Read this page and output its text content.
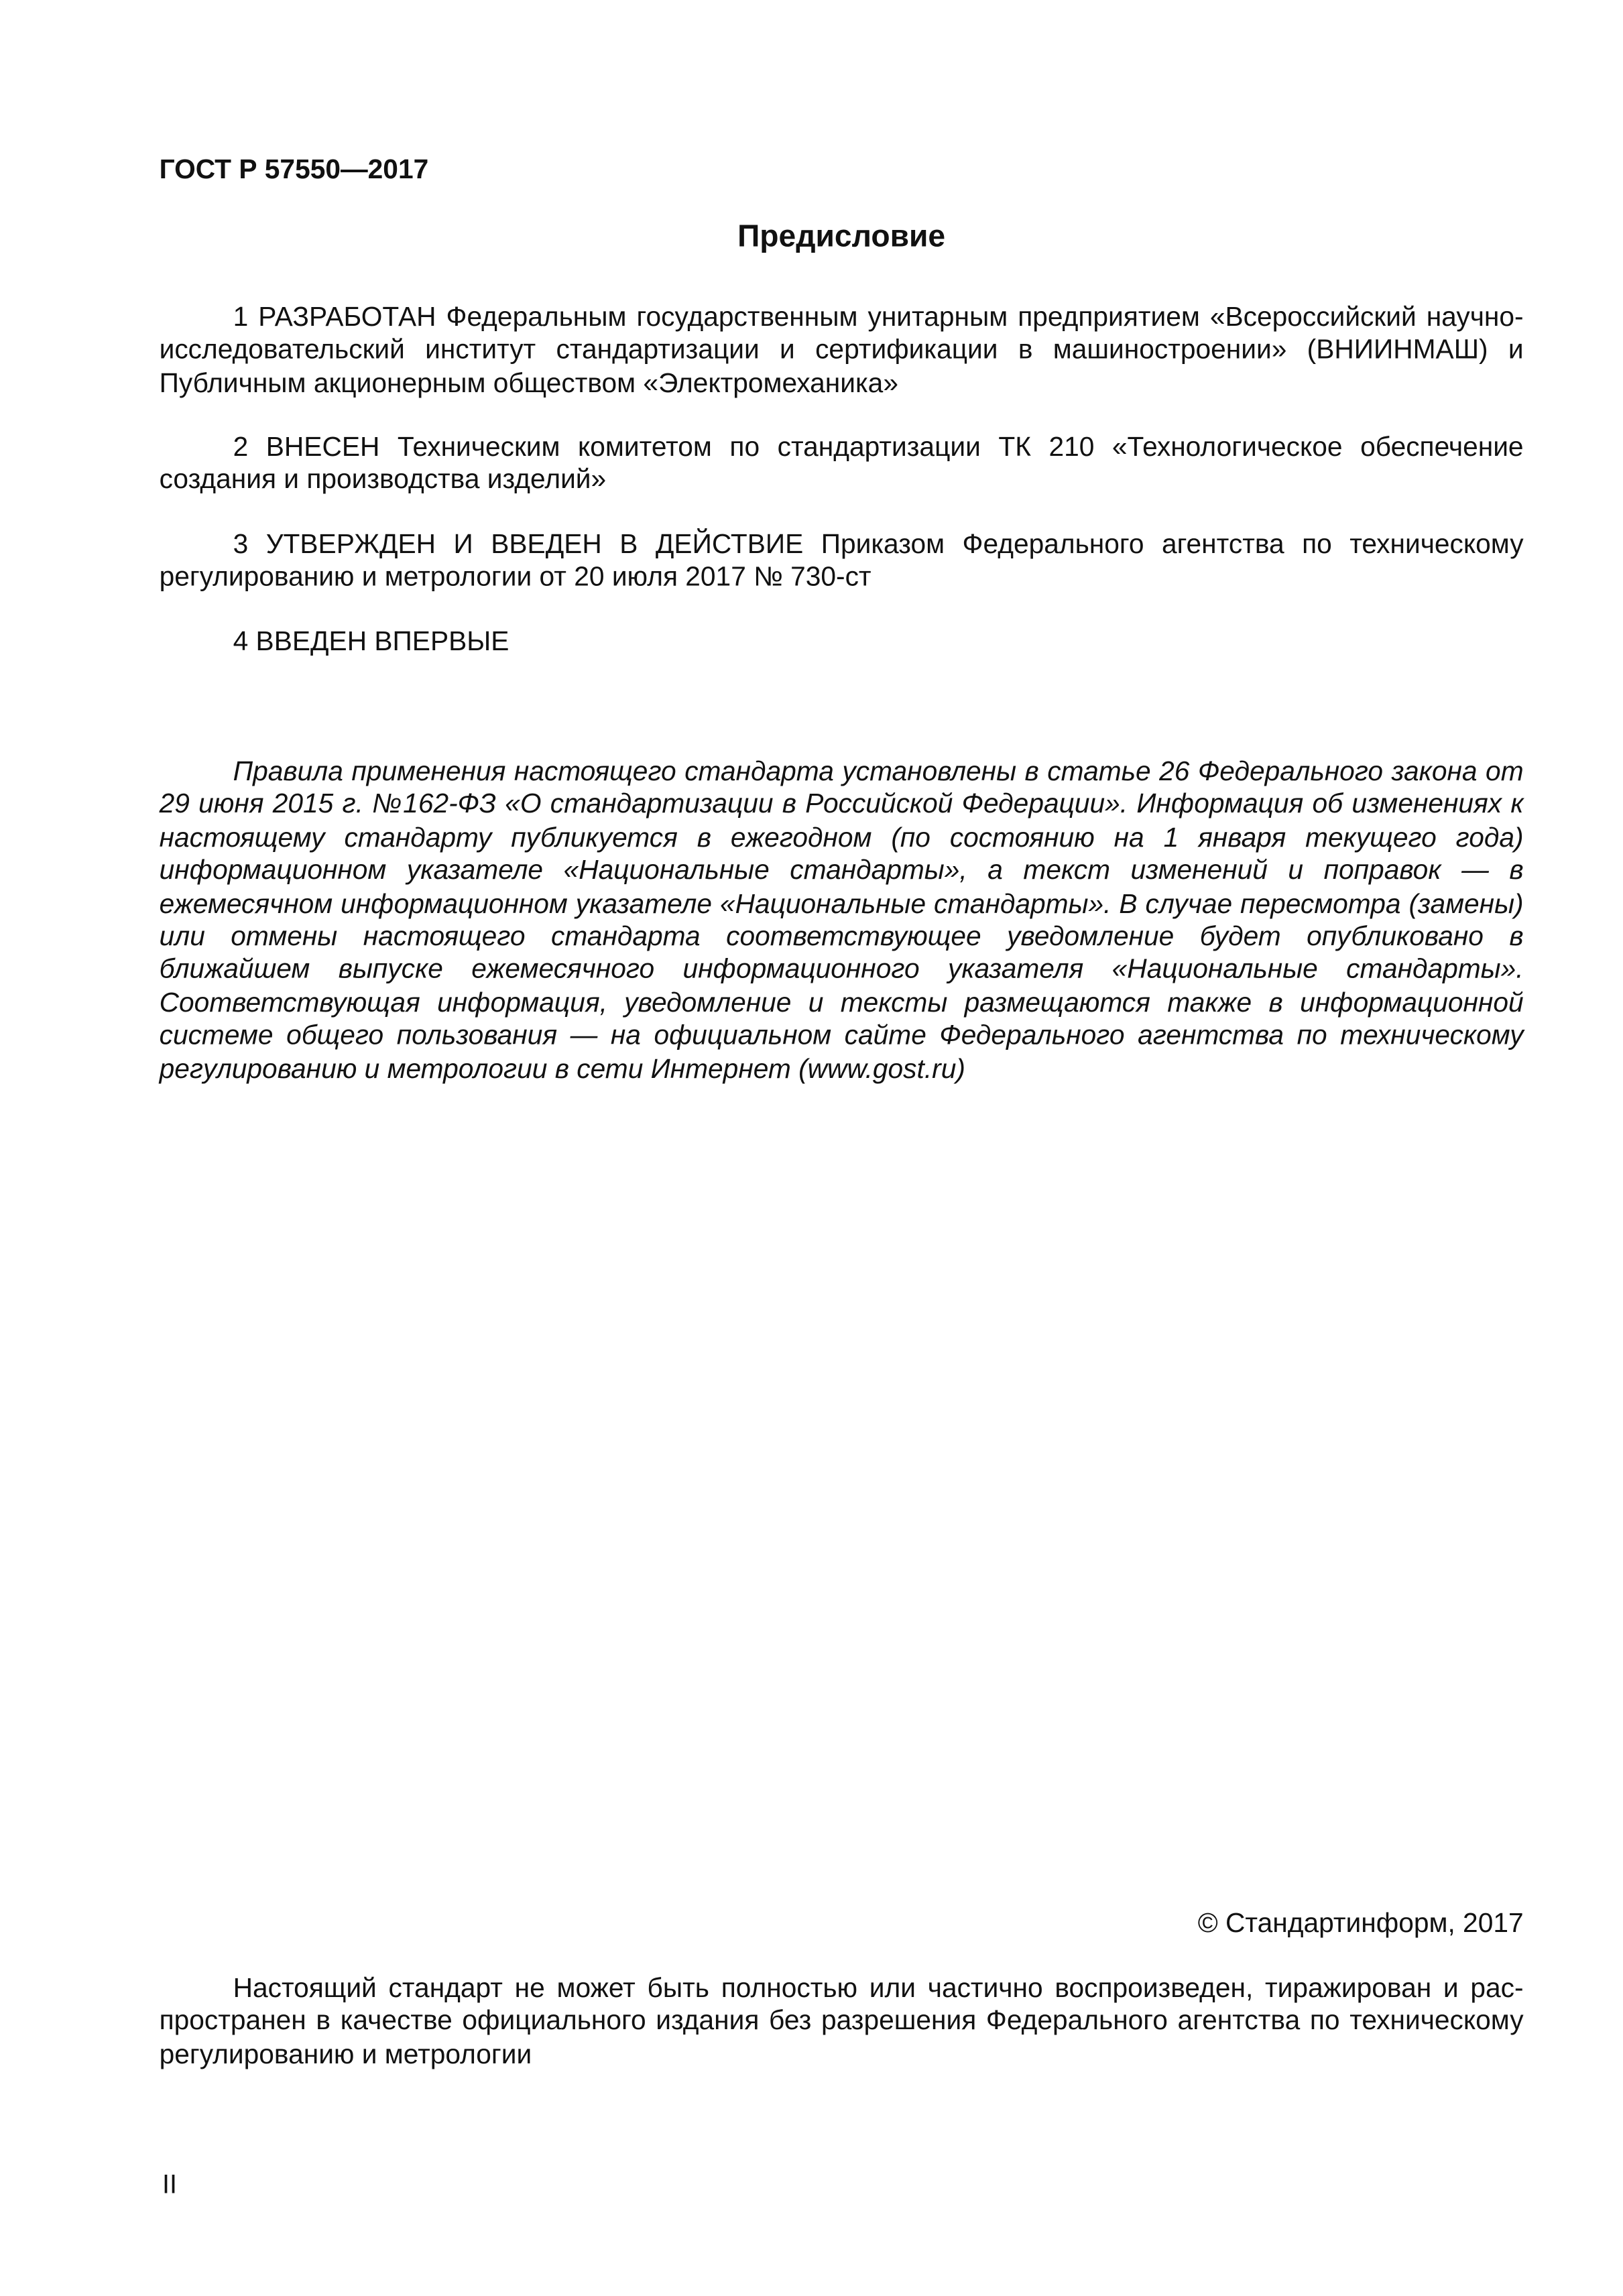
ГОСТ Р 57550—2017
Предисловие

1 РАЗРАБОТАН Федеральным государственным унитарным предприятием «Всероссийский научно-исследовательский институт стандартизации и сертификации в машиностроении» (ВНИИНМАШ) и Публичным акционерным обществом «Электромеханика»

2 ВНЕСЕН Техническим комитетом по стандартизации ТК 210 «Технологическое обеспечение создания и производства изделий»

3 УТВЕРЖДЕН И ВВЕДЕН В ДЕЙСТВИЕ Приказом Федерального агентства по техническому регулированию и метрологии от 20 июля 2017 № 730-ст

4 ВВЕДЕН ВПЕРВЫЕ

Правила применения настоящего стандарта установлены в статье 26 Федерального закона от 29 июня 2015 г. №162-ФЗ «О стандартизации в Российской Федерации». Информация об изменениях к настоящему стандарту публикуется в ежегодном (по состоянию на 1 января текущего года) информационном указателе «Национальные стандарты», а текст изменений и поправок — в ежемесячном информационном указателе «Национальные стандарты». В случае пересмотра (замены) или отмены настоящего стандарта соответствующее уведомление будет опубликовано в ближайшем выпуске ежемесячного информационного указателя «Национальные стандарты». Соответствующая информация, уведомление и тексты размещаются также в информационной системе общего пользования — на официальном сайте Федерального агентства по техническому регулированию и метрологии в сети Интернет (www.gost.ru)

© Стандартинформ, 2017

Настоящий стандарт не может быть полностью или частично воспроизведен, тиражирован и распространен в качестве официального издания без разрешения Федерального агентства по техническому регулированию и метрологии

II
